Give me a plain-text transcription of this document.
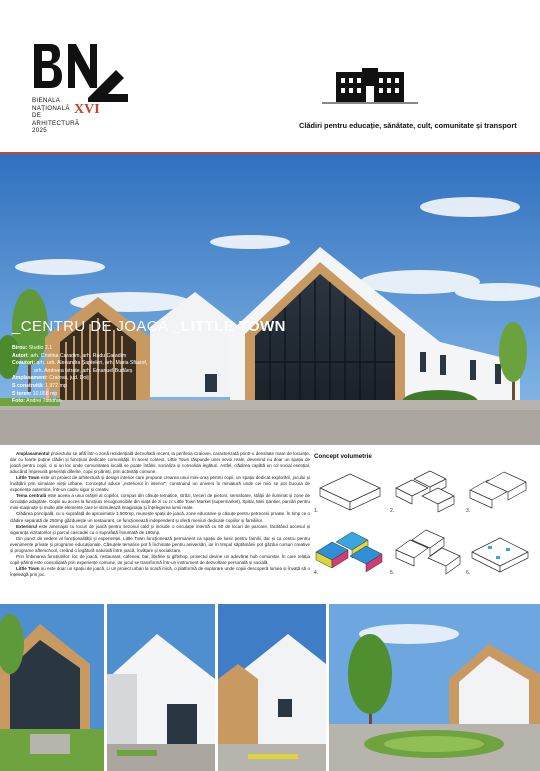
BIENALA
NAȚIONALĂ
DE
ARHITECTURĂ
2025
XVI
Clădiri pentru educație, sănătate, cult, comunitate și transport
_CENTRU DE JOACA _LITTLE TOWN
Birou: Studio 2.1
Autori: arh. Cristina Caradim, arh. Radu Caradim
Coautori: arh. urb. Alexandra Șapteleri, arh. Maria Sfiazof,
arh. Andreea Istrate, arh. Emanuel Budăeș
Amplasament: Craiova, jud. Dolj
S construită: 1.972 mp
S teren: 10.058 mp
Foto: Andrei Tudoran

Amplasamentul proiectului se află într-o zonă rezidențială dezvoltată recent, la periferia Craiovei, caracterizată printr-o densitate mare de locuințe, dar cu foarte puține clădiri și funcțiuni dedicate comunității. În acest context, Little Town răspunde unei nevoi reale, devenind nu doar un spațiu de joacă pentru copii, ci și un loc unde comunitatea locală se poate întâlni, socializa și consolida legături. Astfel, clădirea capătă un rol social esențial, aducând împreună generații diferite, copii și părinți, prin activități comune.

Little Town este un proiect de arhitectură și design interior care propune crearea unui mini-oraș pentru copii, un spațiu dedicat explorării, jocului și învățării prin simulare vieții urbane. Conceptul aduce „exteriorul în interior”, construind un univers în miniatură unde cei mici se pot bucura de experiențe autentice, într-un cadru sigur și creativ.

Tema centrală este aceea a unui orășel al copiilor, compus din căsuțe tematice, străzi, treceri de pietoni, semafoare, stâlpi de iluminat și zone de circulație adaptate. Copiii au acces la funcțiuni recognoscibile din viața de zi cu zi: Little Town Market (supermarket), Spital, Mini Șantier, parcări pentru mini-mașinuțe și multe alte elemente care le stimulează imaginația și înțelegerea lumii reale.

Clădirea principală, cu o suprafață de aproximativ 1.500mp, reunește spații de joacă, zone educative și căsuțe pentru petrecerii private. În timp ce o clădire separată de 250mp găzduiește un restaurant, ce funcționează independent și oferă meniuri dedicate copiilor și familiilor.

Exteriorul este amenajat cu locuri de joacă pentru sezonul cald și include o circulație internă cu 60 de locuri de parcare, facilitând accesul și siguranța vizitatorilor și parcul cascadei cu o suprafață însumată de 180mp.

Din punct de vedere al funcționalității și experienței, Little Town funcționează permanent ca spațiu de loisir pentru familii, dar și ca centru pentru evenimente private și programe educaționale. Căsuțele tematice pot fi închiriate pentru aniversări, iar în timpul săptămânii pot găzdui cursuri creative și programe afterschool, creând o legătură naturală între joacă, învățare și socializare.

Prin îmbinarea funcțiunilor: loc de joacă, restaurant, cafenea, bar, librărie și giftshop, proiectul devine un adevărat hub comunitar. În care relația copil-părinți este consolidată prin experiențe comune, iar jocul se transformă într-un instrument de dezvoltare personală și socială.

Little Town nu este doar un spațiu de joacă, ci un proiect urban la scară mică, o platformă de explorare unde copiii descoperă lumea și învață să o înțeleagă prin joc.

Concept volumetrie
1.	2.	3.
4.	5.	6.
